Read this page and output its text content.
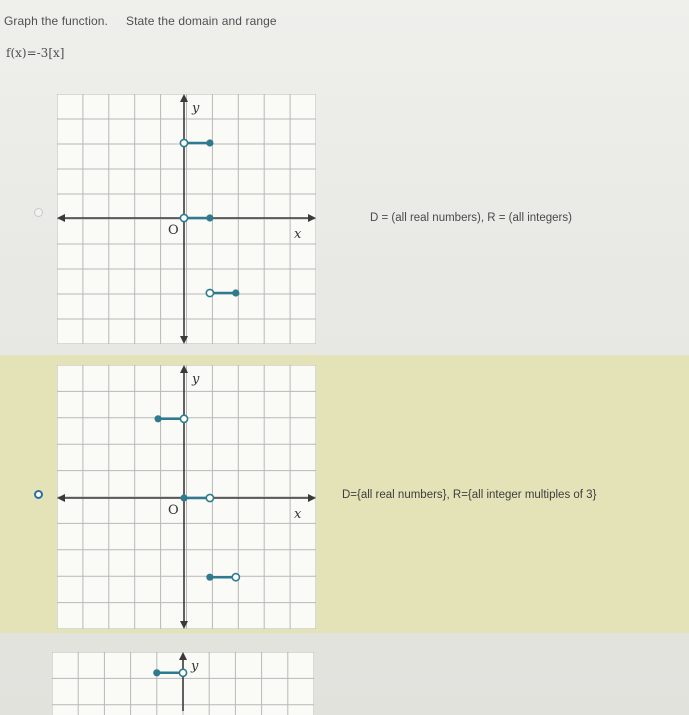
Graph the function. State the domain and range
f(x)=-3[x]
x
O
y
D = (all real numbers), R = (all integers)
x
O
y
D={all real numbers}, R={all integer multiples of 3}
y
